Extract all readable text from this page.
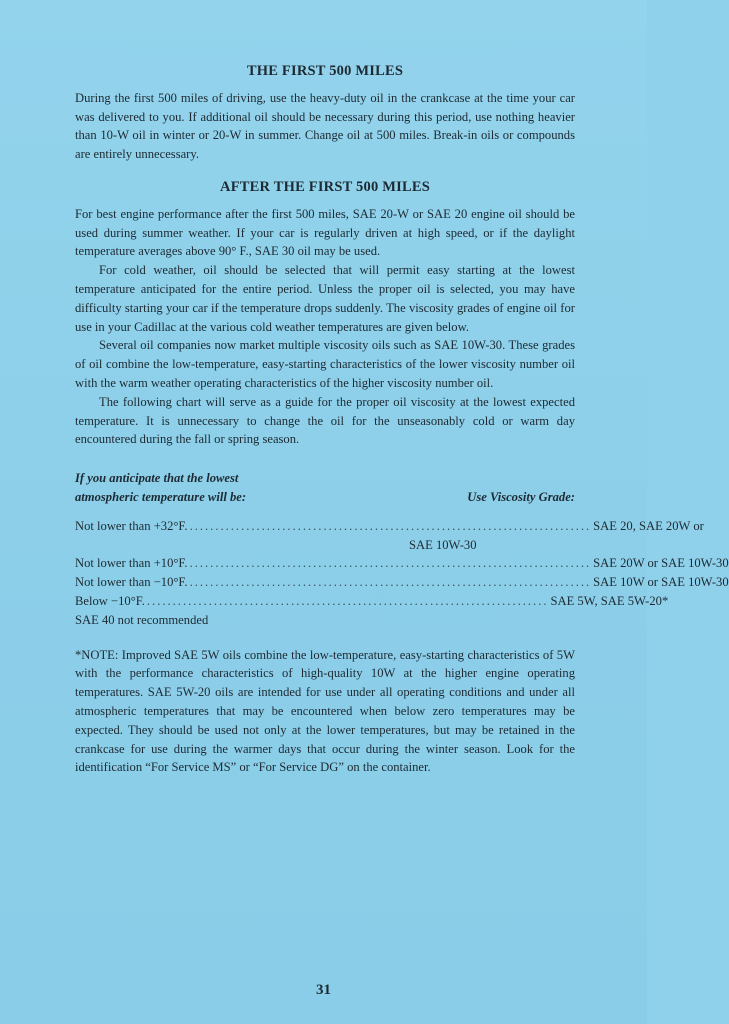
THE FIRST 500 MILES

During the first 500 miles of driving, use the heavy-duty oil in the crankcase at the time your car was delivered to you. If additional oil should be necessary during this period, use nothing heavier than 10-W oil in winter or 20-W in summer. Change oil at 500 miles. Break-in oils or compounds are entirely unnecessary.

AFTER THE FIRST 500 MILES

For best engine performance after the first 500 miles, SAE 20-W or SAE 20 engine oil should be used during summer weather. If your car is regularly driven at high speed, or if the daylight temperature averages above 90° F., SAE 30 oil may be used.

For cold weather, oil should be selected that will permit easy starting at the lowest temperature anticipated for the entire period. Unless the proper oil is selected, you may have difficulty starting your car if the temperature drops suddenly. The viscosity grades of engine oil for use in your Cadillac at the various cold weather temperatures are given below.

Several oil companies now market multiple viscosity oils such as SAE 10W-30. These grades of oil combine the low-temperature, easy-starting characteristics of the lower viscosity number oil with the warm weather operating characteristics of the higher viscosity number oil.

The following chart will serve as a guide for the proper oil viscosity at the lowest expected temperature. It is unnecessary to change the oil for the unseasonably cold or warm day encountered during the fall or spring season.

If you anticipate that the lowest
atmospheric temperature will be:	Use Viscosity Grade:
Not lower than +32°F. .............................................................................. SAE 20, SAE 20W or
SAE 10W-30
Not lower than +10°F. .............................................................................. SAE 20W or SAE 10W-30
Not lower than −10°F. .............................................................................. SAE 10W or SAE 10W-30
Below −10°F. .............................................................................. SAE 5W, SAE 5W-20*
SAE 40 not recommended

*NOTE: Improved SAE 5W oils combine the low-temperature, easy-starting characteristics of 5W with the performance characteristics of high-quality 10W at the higher engine operating temperatures. SAE 5W-20 oils are intended for use under all operating conditions and under all atmospheric temperatures that may be encountered when below zero temperatures may be expected. They should be used not only at the lower temperatures, but may be retained in the crankcase for use during the warmer days that occur during the winter season. Look for the identification “For Service MS” or “For Service DG” on the container.

31
